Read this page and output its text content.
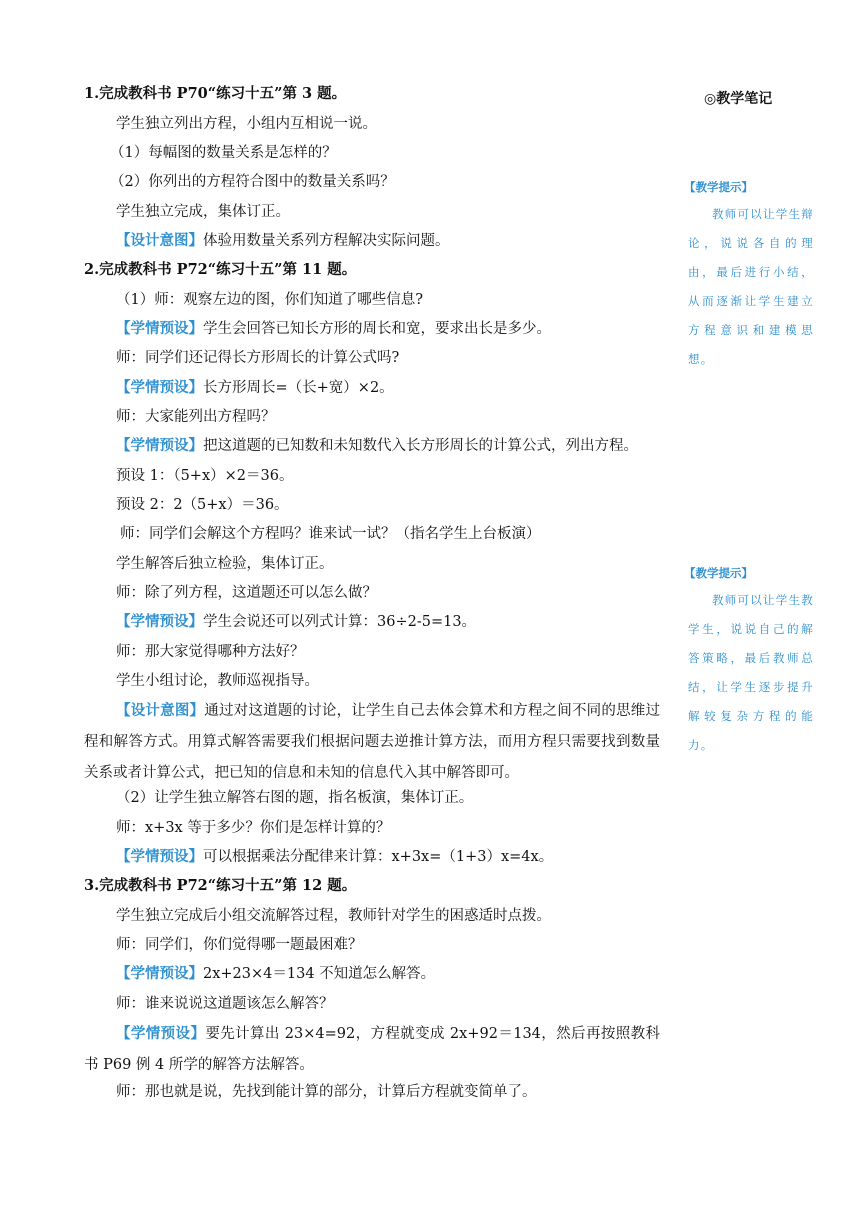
◎教学笔记
【教学提示】
教师可以让学生辩论，说说各自的理由，最后进行小结，从而逐渐让学生建立方程意识和建模思想。
【教学提示】
教师可以让学生教学生，说说自己的解答策略，最后教师总结，让学生逐步提升解较复杂方程的能力。
1.完成教科书 P70“练习十五”第 3 题。
学生独立列出方程，小组内互相说一说。
（1）每幅图的数量关系是怎样的？
（2）你列出的方程符合图中的数量关系吗？
学生独立完成，集体订正。
【设计意图】体验用数量关系列方程解决实际问题。
2.完成教科书 P72“练习十五”第 11 题。
（1）师：观察左边的图，你们知道了哪些信息?
【学情预设】学生会回答已知长方形的周长和宽，要求出长是多少。
师：同学们还记得长方形周长的计算公式吗?
【学情预设】长方形周长=（长+宽）×2。
师：大家能列出方程吗？
【学情预设】把这道题的已知数和未知数代入长方形周长的计算公式，列出方程。
预设 1：（5+x）×2＝36。
预设 2：2（5+x）＝36。
师：同学们会解这个方程吗？谁来试一试？（指名学生上台板演）
学生解答后独立检验，集体订正。
师：除了列方程，这道题还可以怎么做？
【学情预设】学生会说还可以列式计算：36÷2-5=13。
师：那大家觉得哪种方法好？
学生小组讨论，教师巡视指导。
【设计意图】通过对这道题的讨论，让学生自己去体会算术和方程之间不同的思维过程和解答方式。用算式解答需要我们根据问题去逆推计算方法，而用方程只需要找到数量关系或者计算公式，把已知的信息和未知的信息代入其中解答即可。
（2）让学生独立解答右图的题，指名板演，集体订正。
师：x+3x 等于多少？你们是怎样计算的？
【学情预设】可以根据乘法分配律来计算：x+3x=（1+3）x=4x。
3.完成教科书 P72“练习十五”第 12 题。
学生独立完成后小组交流解答过程，教师针对学生的困惑适时点拨。
师：同学们，你们觉得哪一题最困难？
【学情预设】2x+23×4＝134 不知道怎么解答。
师：谁来说说这道题该怎么解答？
【学情预设】要先计算出 23×4=92，方程就变成 2x+92＝134，然后再按照教科书 P69 例 4 所学的解答方法解答。
师：那也就是说，先找到能计算的部分，计算后方程就变简单了。
